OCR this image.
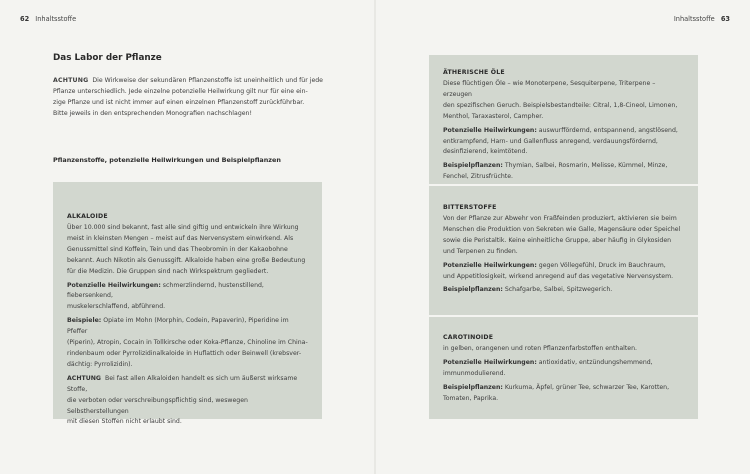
62 Inhaltsstoffe	Inhaltsstoffe 63
Das Labor der Pflanze
ACHTUNG Die Wirkweise der sekundären Pflanzenstoffe ist uneinheitlich und für jede
Pflanze unterschiedlich. Jede einzelne potenzielle Heilwirkung gilt nur für eine ein-
zige Pflanze und ist nicht immer auf einen einzelnen Pflanzenstoff zurückführbar.
Bitte jeweils in den entsprechenden Monografien nachschlagen!
Pflanzenstoffe, potenzielle Heilwirkungen und Beispielpflanzen
ALKALOIDE
Über 10.000 sind bekannt, fast alle sind giftig und entwickeln ihre Wirkung
meist in kleinsten Mengen – meist auf das Nervensystem einwirkend. Als
Genussmittel sind Koffein, Tein und das Theobromin in der Kakaobohne
bekannt. Auch Nikotin als Genussgift. Alkaloide haben eine große Bedeutung
für die Medizin. Die Gruppen sind nach Wirkspektrum gegliedert.
Potenzielle Heilwirkungen: schmerzlindernd, hustenstillend, fiebersenkend,
muskelerschlaffend, abführend.
Beispiele: Opiate im Mohn (Morphin, Codein, Papaverin), Piperidine im Pfeffer
(Piperin), Atropin, Cocain in Tollkirsche oder Koka-Pflanze, Chinoline im China-
rindenbaum oder Pyrrolizidinalkaloide in Huflattich oder Beinwell (krebsver-
dächtig: Pyrrolizidin).
ACHTUNG Bei fast allen Alkaloiden handelt es sich um äußerst wirksame Stoffe,
die verboten oder verschreibungspflichtig sind, weswegen Selbstherstellungen
mit diesen Stoffen nicht erlaubt sind.
ÄTHERISCHE ÖLE
Diese flüchtigen Öle – wie Monoterpene, Sesquiterpene, Triterpene – erzeugen
den spezifischen Geruch. Beispielsbestandteile: Citral, 1,8-Cineol, Limonen,
Menthol, Taraxasterol, Campher.
Potenzielle Heilwirkungen: auswurffördernd, entspannend, angstlösend,
entkrampfend, Harn- und Gallenfluss anregend, verdauungsfördernd,
desinfizierend, keimtötend.
Beispielpflanzen: Thymian, Salbei, Rosmarin, Melisse, Kümmel, Minze,
Fenchel, Zitrusfrüchte.
BITTERSTOFFE
Von der Pflanze zur Abwehr von Fraßfeinden produziert, aktivieren sie beim
Menschen die Produktion von Sekreten wie Galle, Magensäure oder Speichel
sowie die Peristaltik. Keine einheitliche Gruppe, aber häufig in Glykosiden
und Terpenen zu finden.
Potenzielle Heilwirkungen: gegen Völlegefühl, Druck im Bauchraum,
und Appetitlosigkeit, wirkend anregend auf das vegetative Nervensystem.
Beispielpflanzen: Schafgarbe, Salbei, Spitzwegerich.
CAROTINOIDE
in gelben, orangenen und roten Pflanzenfarbstoffen enthalten.
Potenzielle Heilwirkungen: antioxidativ, entzündungshemmend,
immunmodulierend.
Beispielpflanzen: Kurkuma, Äpfel, grüner Tee, schwarzer Tee, Karotten,
Tomaten, Paprika.
